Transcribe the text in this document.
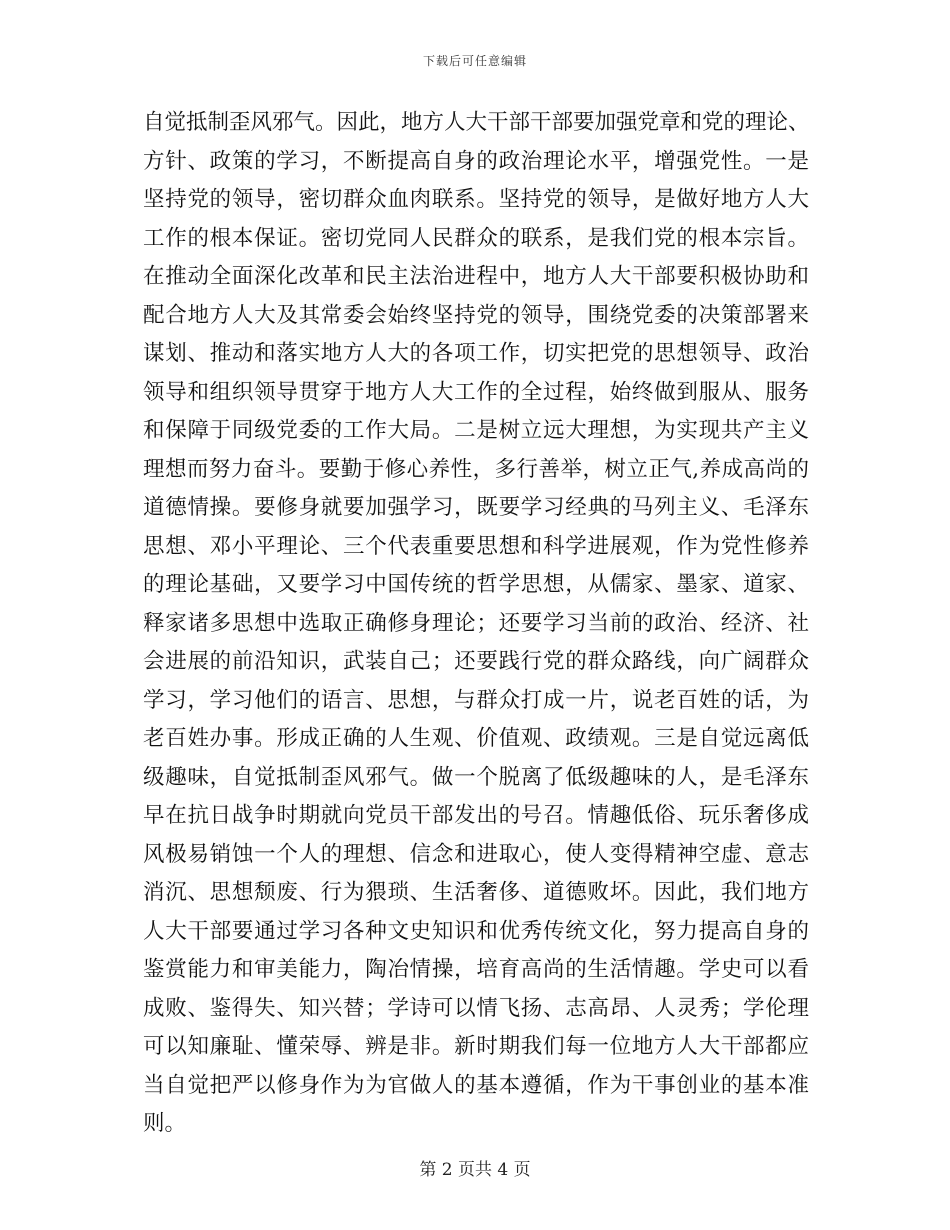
下载后可任意编辑
自觉抵制歪风邪气。因此，地方人大干部干部要加强党章和党的理论、
方针、政策的学习，不断提高自身的政治理论水平，增强党性。一是
坚持党的领导，密切群众血肉联系。坚持党的领导，是做好地方人大
工作的根本保证。密切党同人民群众的联系，是我们党的根本宗旨。
在推动全面深化改革和民主法治进程中，地方人大干部要积极协助和
配合地方人大及其常委会始终坚持党的领导，围绕党委的决策部署来
谋划、推动和落实地方人大的各项工作，切实把党的思想领导、政治
领导和组织领导贯穿于地方人大工作的全过程，始终做到服从、服务
和保障于同级党委的工作大局。二是树立远大理想，为实现共产主义
理想而努力奋斗。要勤于修心养性，多行善举，树立正气,养成高尚的
道德情操。要修身就要加强学习，既要学习经典的马列主义、毛泽东
思想、邓小平理论、三个代表重要思想和科学进展观，作为党性修养
的理论基础，又要学习中国传统的哲学思想，从儒家、墨家、道家、
释家诸多思想中选取正确修身理论；还要学习当前的政治、经济、社
会进展的前沿知识，武装自己；还要践行党的群众路线，向广阔群众
学习，学习他们的语言、思想，与群众打成一片，说老百姓的话，为
老百姓办事。形成正确的人生观、价值观、政绩观。三是自觉远离低
级趣味，自觉抵制歪风邪气。做一个脱离了低级趣味的人，是毛泽东
早在抗日战争时期就向党员干部发出的号召。情趣低俗、玩乐奢侈成
风极易销蚀一个人的理想、信念和进取心，使人变得精神空虚、意志
消沉、思想颓废、行为猥琐、生活奢侈、道德败坏。因此，我们地方
人大干部要通过学习各种文史知识和优秀传统文化，努力提高自身的
鉴赏能力和审美能力，陶冶情操，培育高尚的生活情趣。学史可以看
成败、鉴得失、知兴替；学诗可以情飞扬、志高昂、人灵秀；学伦理
可以知廉耻、懂荣辱、辨是非。新时期我们每一位地方人大干部都应
当自觉把严以修身作为为官做人的基本遵循，作为干事创业的基本准
则。
第 2 页共 4 页
